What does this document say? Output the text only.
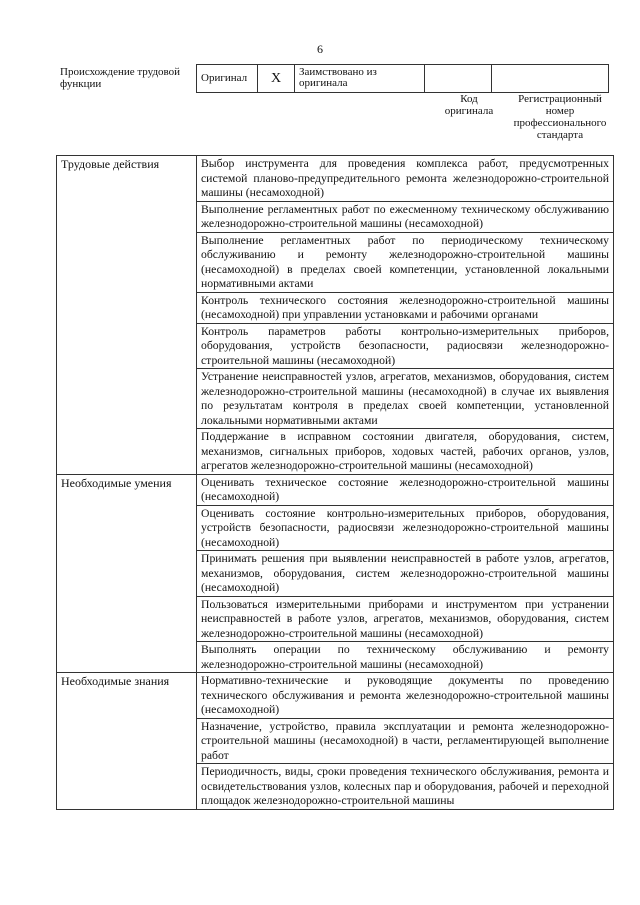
6
Происхождение трудовой функции	Оригинал	X	Заимствовано из оригинала		
Код оригинала
Регистрационный номер профессионального стандарта
Трудовые действия	Выбор инструмента для проведения комплекса работ, предусмотренных системой планово-предупредительного ремонта железнодорожно-строительной машины (несамоходной)
	Выполнение регламентных работ по ежесменному техническому обслуживанию железнодорожно-строительной машины (несамоходной)
	Выполнение регламентных работ по периодическому техническому обслуживанию и ремонту железнодорожно-строительной машины (несамоходной) в пределах своей компетенции, установленной локальными нормативными актами
	Контроль технического состояния железнодорожно-строительной машины (несамоходной) при управлении установками и рабочими органами
	Контроль параметров работы контрольно-измерительных приборов, оборудования, устройств безопасности, радиосвязи железнодорожно-строительной машины (несамоходной)
	Устранение неисправностей узлов, агрегатов, механизмов, оборудования, систем железнодорожно-строительной машины (несамоходной) в случае их выявления по результатам контроля в пределах своей компетенции, установленной локальными нормативными актами
	Поддержание в исправном состоянии двигателя, оборудования, систем, механизмов, сигнальных приборов, ходовых частей, рабочих органов, узлов, агрегатов железнодорожно-строительной машины (несамоходной)
Необходимые умения	Оценивать техническое состояние железнодорожно-строительной машины (несамоходной)
	Оценивать состояние контрольно-измерительных приборов, оборудования, устройств безопасности, радиосвязи железнодорожно-строительной машины (несамоходной)
	Принимать решения при выявлении неисправностей в работе узлов, агрегатов, механизмов, оборудования, систем железнодорожно-строительной машины (несамоходной)
	Пользоваться измерительными приборами и инструментом при устранении неисправностей в работе узлов, агрегатов, механизмов, оборудования, систем железнодорожно-строительной машины (несамоходной)
	Выполнять операции по техническому обслуживанию и ремонту железнодорожно-строительной машины (несамоходной)
Необходимые знания	Нормативно-технические и руководящие документы по проведению технического обслуживания и ремонта железнодорожно-строительной машины (несамоходной)
	Назначение, устройство, правила эксплуатации и ремонта железнодорожно-строительной машины (несамоходной) в части, регламентирующей выполнение работ
	Периодичность, виды, сроки проведения технического обслуживания, ремонта и освидетельствования узлов, колесных пар и оборудования, рабочей и переходной площадок железнодорожно-строительной машины
